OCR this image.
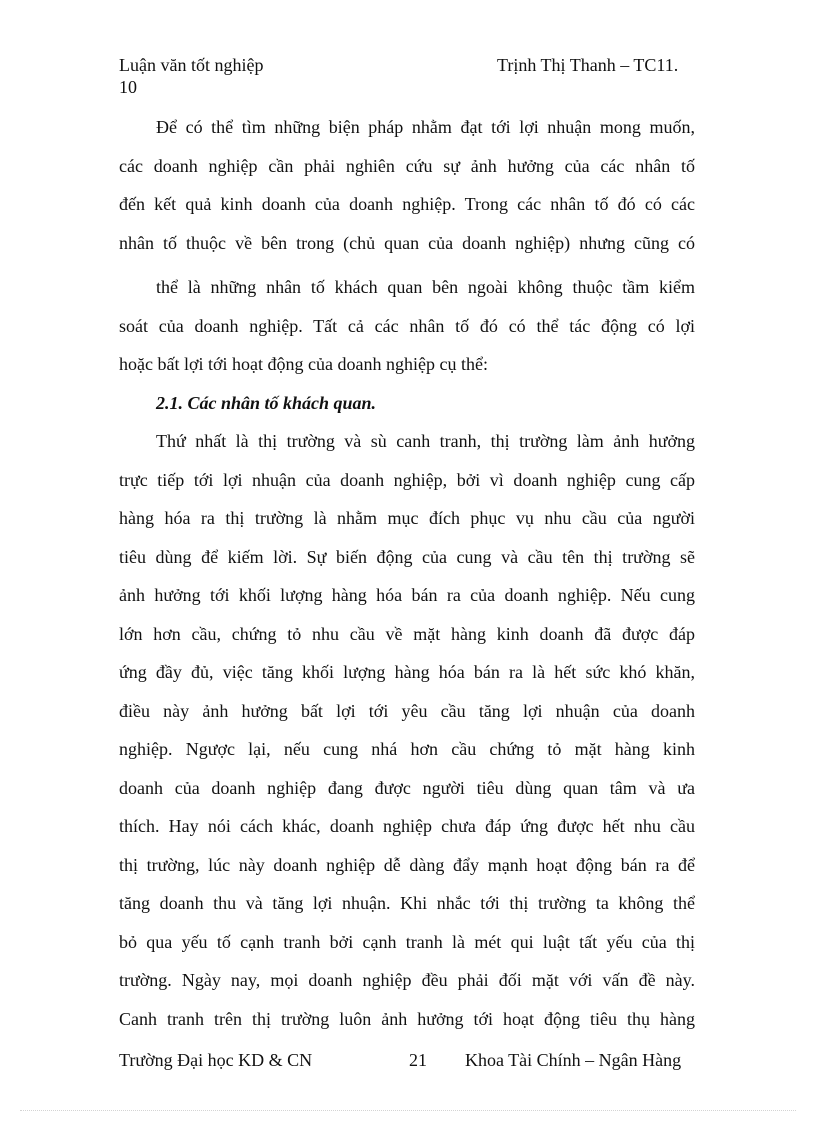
Luận văn tốt nghiệp	Trịnh Thị Thanh – TC11.
10
Để có thể tìm những biện pháp nhằm đạt tới lợi nhuận mong muốn,
các doanh nghiệp cần phải nghiên cứu sự ảnh hưởng của các nhân tố
đến kết quả kinh doanh của doanh nghiệp. Trong các nhân tố đó có các
nhân tố thuộc về bên trong (chủ quan của doanh nghiệp) nhưng cũng có
thể là những nhân tố khách quan bên ngoài không thuộc tầm kiểm
soát của doanh nghiệp. Tất cả các nhân tố đó có thể tác động có lợi
hoặc bất lợi tới hoạt động của doanh nghiệp cụ thể:
2.1. Các nhân tố khách quan.
Thứ nhất là thị trường và sù canh tranh, thị trường làm ảnh hưởng
trực tiếp tới lợi nhuận của doanh nghiệp, bởi vì doanh nghiệp cung cấp
hàng hóa ra thị trường là nhằm mục đích phục vụ nhu cầu của người
tiêu dùng để kiếm lời. Sự biến động của cung và cầu tên thị trường sẽ
ảnh hưởng tới khối lượng hàng hóa bán ra của doanh nghiệp. Nếu cung
lớn hơn cầu, chứng tỏ nhu cầu về mặt hàng kinh doanh đã được đáp
ứng đầy đủ, việc tăng khối lượng hàng hóa bán ra là hết sức khó khăn,
điều này ảnh hưởng bất lợi tới yêu cầu tăng lợi nhuận của doanh
nghiệp. Ngược lại, nếu cung nhá hơn cầu chứng tỏ mặt hàng kinh
doanh của doanh nghiệp đang được người tiêu dùng quan tâm và ưa
thích. Hay nói cách khác, doanh nghiệp chưa đáp ứng được hết nhu cầu
thị trường, lúc này doanh nghiệp dễ dàng đẩy mạnh hoạt động bán ra để
tăng doanh thu và tăng lợi nhuận. Khi nhắc tới thị trường ta không thể
bỏ qua yếu tố cạnh tranh bởi cạnh tranh là mét qui luật tất yếu của thị
trường. Ngày nay, mọi doanh nghiệp đều phải đối mặt với vấn đề này.
Canh tranh trên thị trường luôn ảnh hưởng tới hoạt động tiêu thụ hàng
Trường Đại học KD & CN	21 Khoa Tài Chính – Ngân Hàng
